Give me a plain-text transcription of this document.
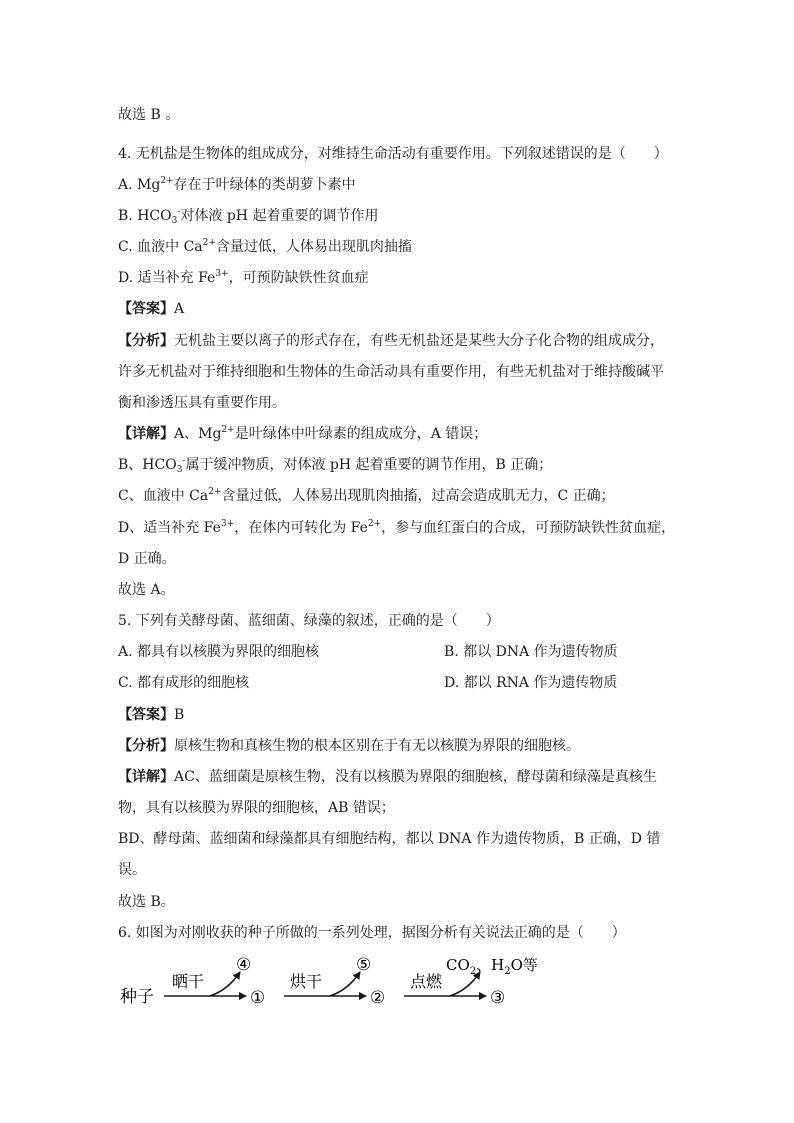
故选 B 。
4. 无机盐是生物体的组成成分，对维持生命活动有重要作用。下列叙述错误的是（　　）
A. $Mg^{2+}$存在于叶绿体的类胡萝卜素中
B. $HCO_3^-$对体液 pH 起着重要的调节作用
C. 血液中 $Ca^{2+}$含量过低，人体易出现肌肉抽搐
D. 适当补充 $Fe^{3+}$，可预防缺铁性贫血症
【答案】A
【分析】无机盐主要以离子的形式存在，有些无机盐还是某些大分子化合物的组成成分，
许多无机盐对于维持细胞和生物体的生命活动具有重要作用，有些无机盐对于维持酸碱平
衡和渗透压具有重要作用。
【详解】A、$Mg^{2+}$是叶绿体中叶绿素的组成成分，A 错误；
B、$HCO_3^-$属于缓冲物质，对体液 pH 起着重要的调节作用，B 正确；
C、血液中 $Ca^{2+}$含量过低，人体易出现肌肉抽搐，过高会造成肌无力，C 正确；
D、适当补充 $Fe^{3+}$，在体内可转化为 $Fe^{2+}$，参与血红蛋白的合成，可预防缺铁性贫血症，
D 正确。
故选 A。
5. 下列有关酵母菌、蓝细菌、绿藻的叙述，正确的是（　　）
A. 都具有以核膜为界限的细胞核	B. 都以 DNA 作为遗传物质
C. 都有成形的细胞核	D. 都以 RNA 作为遗传物质
【答案】B
【分析】原核生物和真核生物的根本区别在于有无以核膜为界限的细胞核。
【详解】AC、蓝细菌是原核生物，没有以核膜为界限的细胞核，酵母菌和绿藻是真核生
物，具有以核膜为界限的细胞核，AB 错误；
BD、酵母菌、蓝细菌和绿藻都具有细胞结构，都以 DNA 作为遗传物质，B 正确，D 错
误。
故选 B。
6. 如图为对刚收获的种子所做的一系列处理，据图分析有关说法正确的是（　　）
种子
晒干
④
①
烘干
⑤
②
点燃
$CO_2$、$H_2O$等
③
